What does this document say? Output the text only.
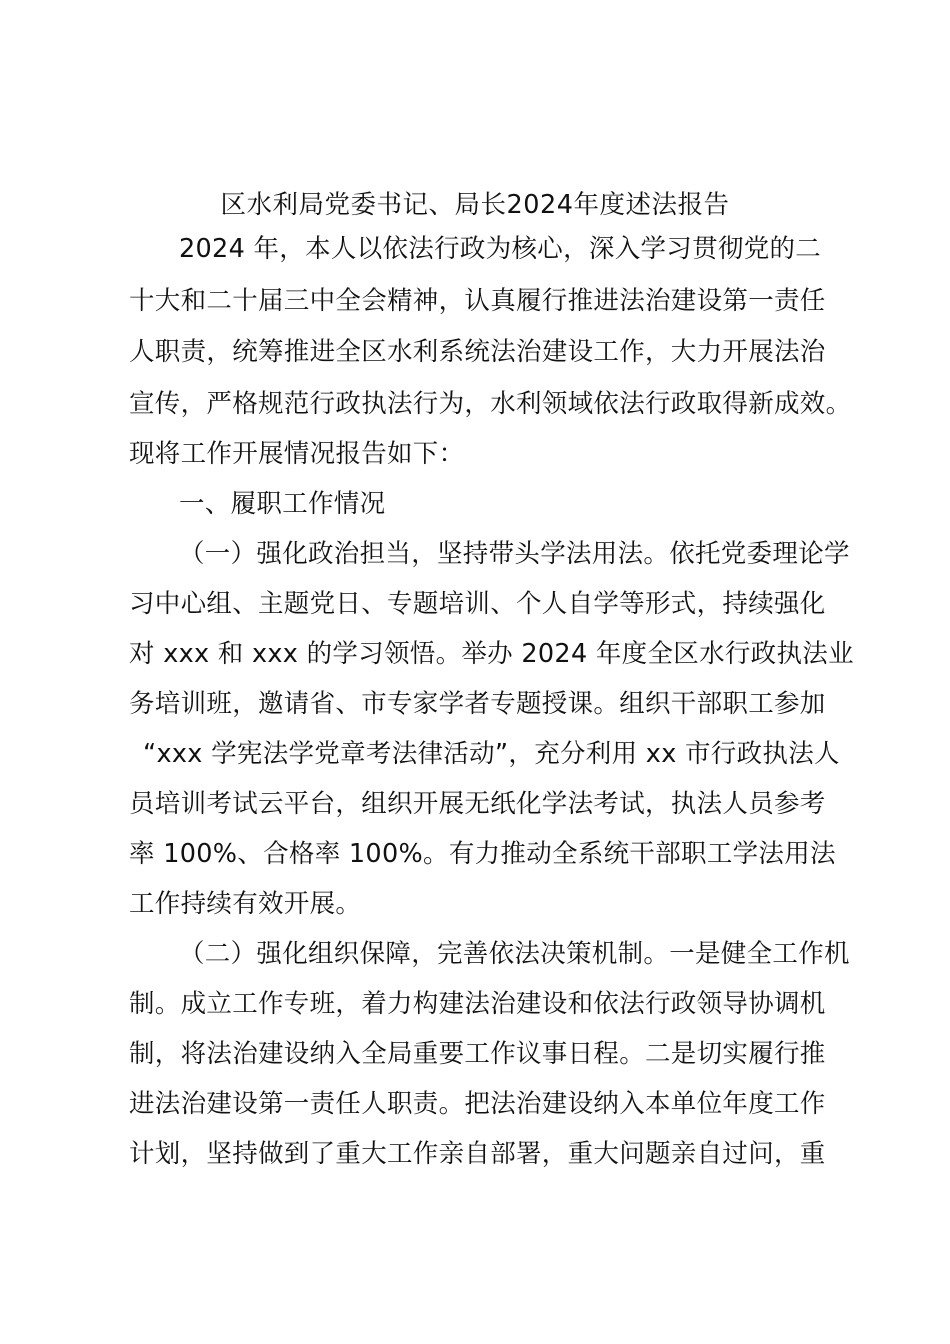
区水利局党委书记、局长2024年度述法报告
2024 年，本人以依法行政为核心，深入学习贯彻党的二
十大和二十届三中全会精神，认真履行推进法治建设第一责任
人职责，统筹推进全区水利系统法治建设工作，大力开展法治
宣传，严格规范行政执法行为，水利领域依法行政取得新成效。
现将工作开展情况报告如下：
一、履职工作情况
（一）强化政治担当，坚持带头学法用法。依托党委理论学
习中心组、主题党日、专题培训、个人自学等形式，持续强化
对 xxx 和 xxx 的学习领悟。举办 2024 年度全区水行政执法业
务培训班，邀请省、市专家学者专题授课。组织干部职工参加
“xxx 学宪法学党章考法律活动”，充分利用 xx 市行政执法人
员培训考试云平台，组织开展无纸化学法考试，执法人员参考
率 100%、合格率 100%。有力推动全系统干部职工学法用法
工作持续有效开展。
（二）强化组织保障，完善依法决策机制。一是健全工作机
制。成立工作专班，着力构建法治建设和依法行政领导协调机
制，将法治建设纳入全局重要工作议事日程。二是切实履行推
进法治建设第一责任人职责。把法治建设纳入本单位年度工作
计划，坚持做到了重大工作亲自部署，重大问题亲自过问，重
